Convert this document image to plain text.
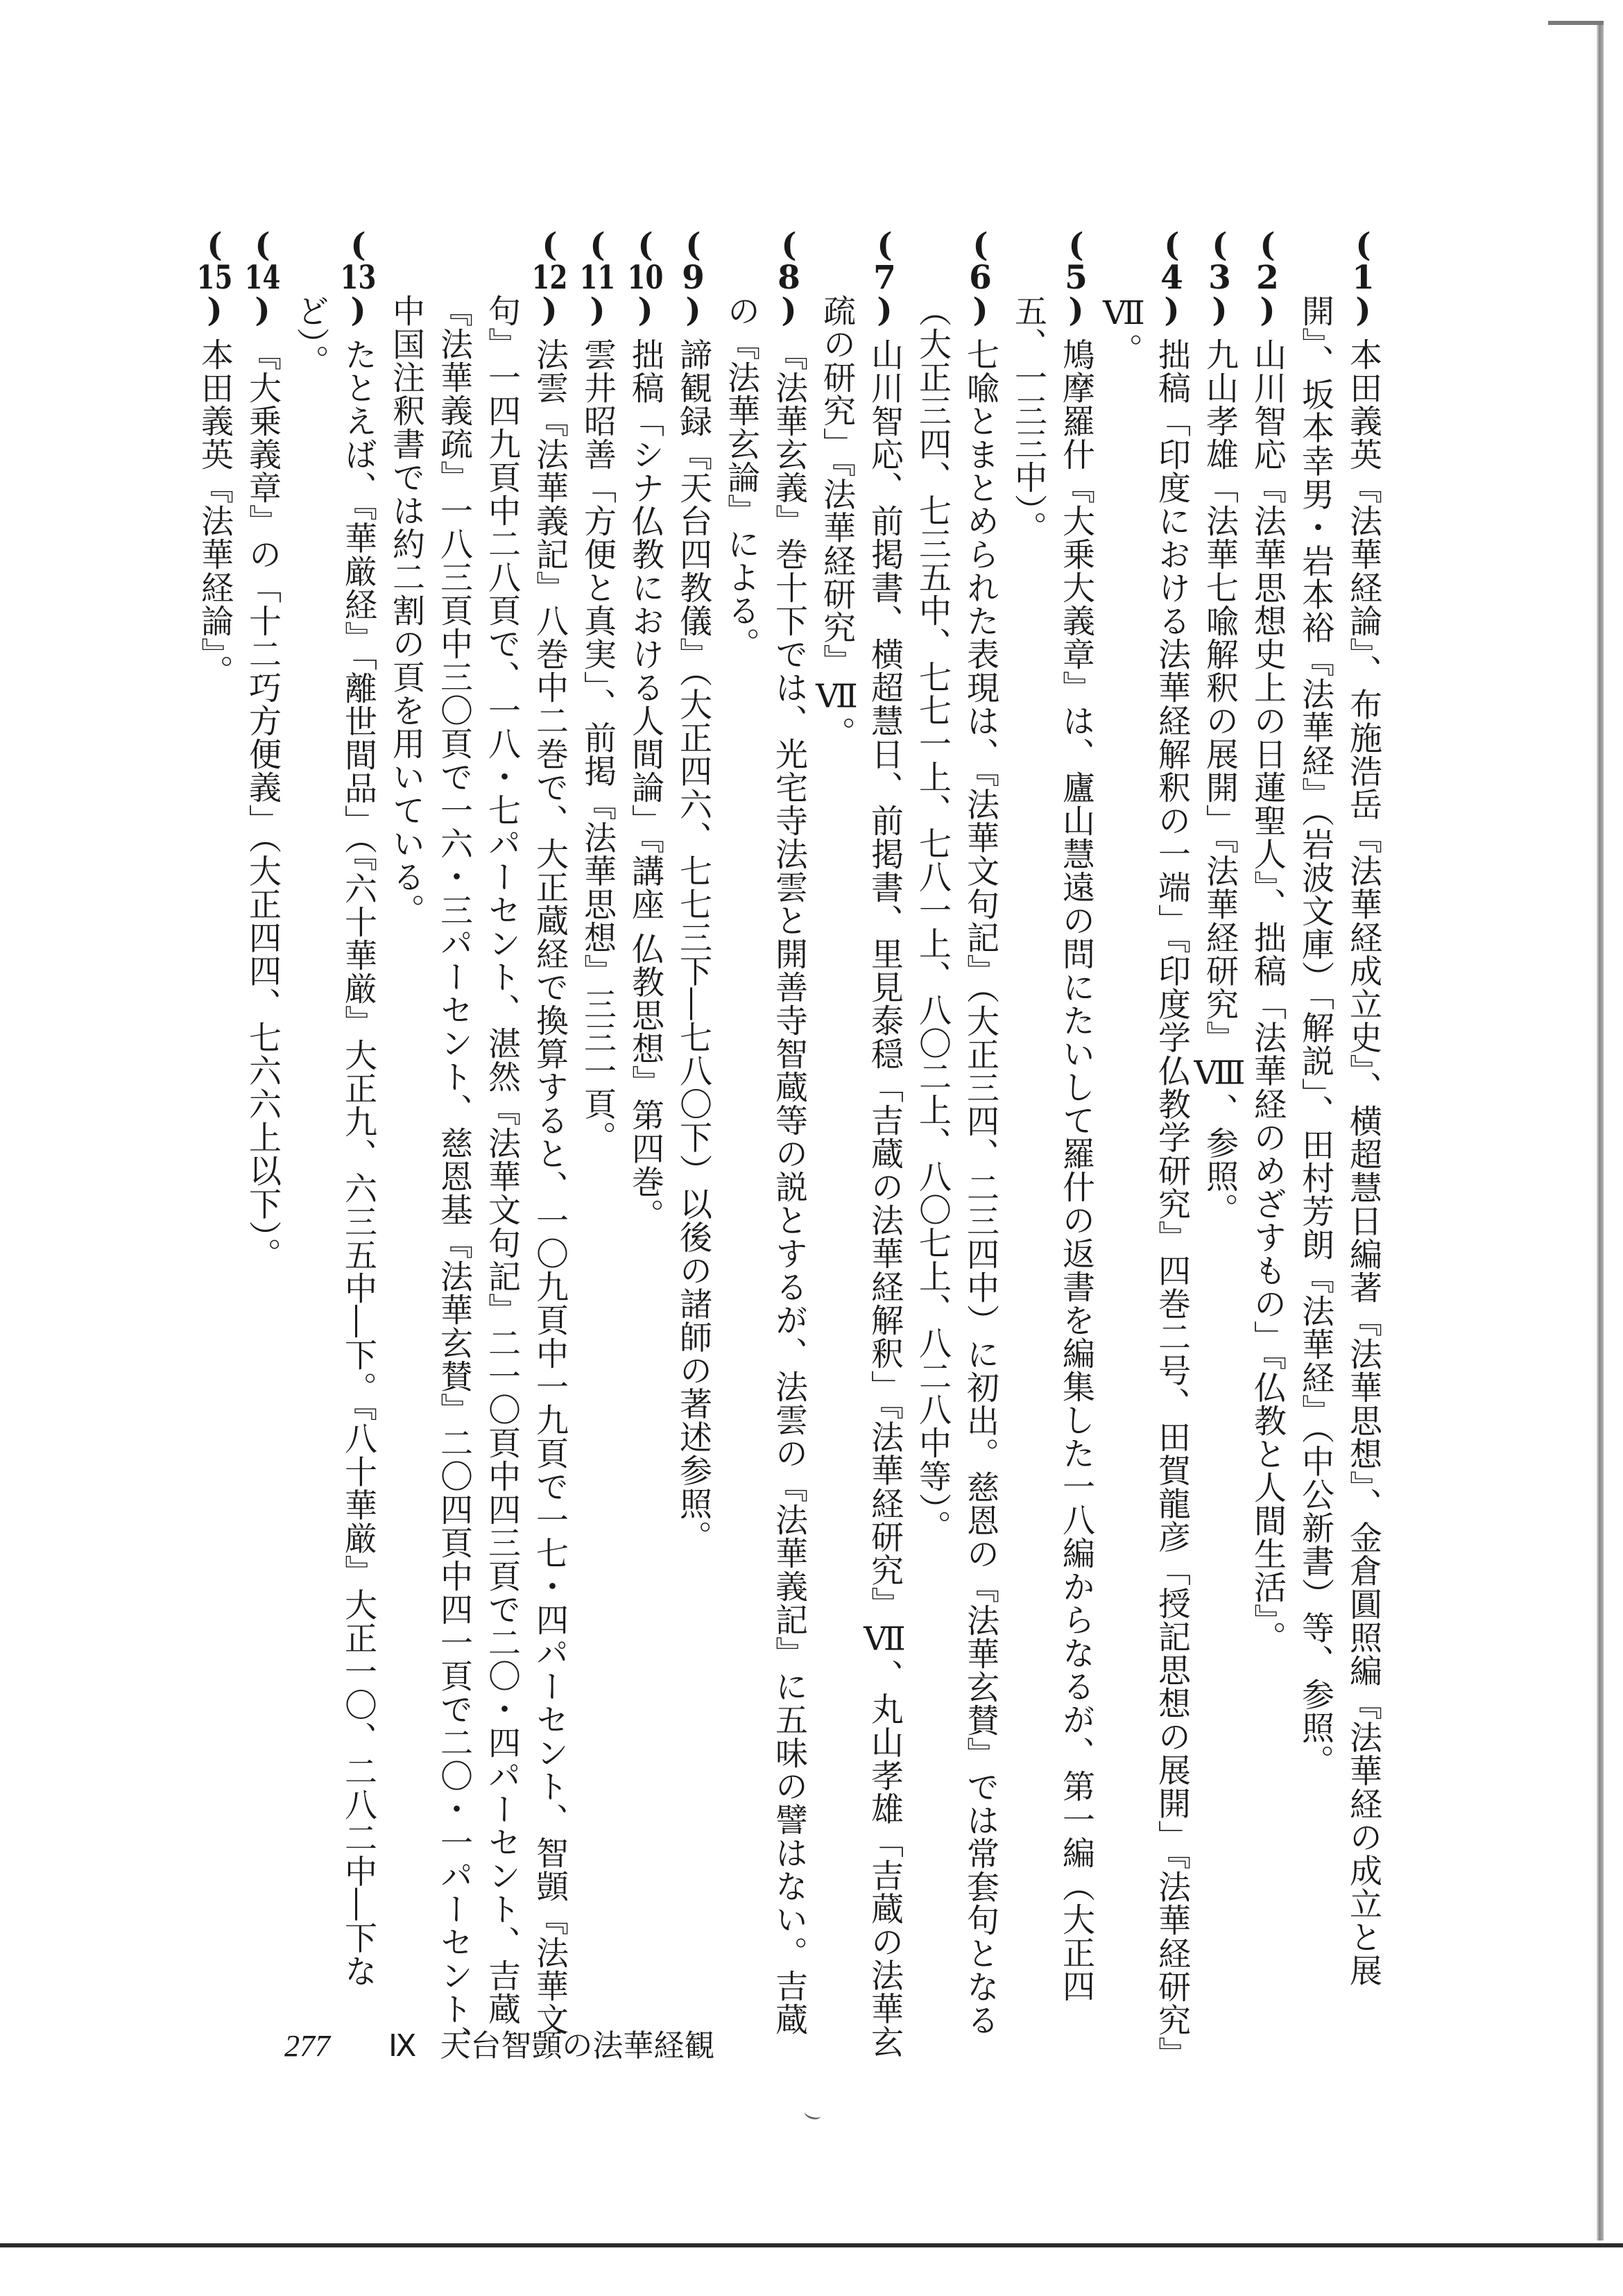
(1) 本田義英『法華経論』、布施浩岳『法華経成立史』、横超慧日編著『法華思想』、金倉圓照編『法華経の成立と展開』、坂本幸男・岩本裕『法華経』（岩波文庫）「解説」、田村芳朗『法華経』（中公新書）等、参照。

(2) 山川智応『法華思想史上の日蓮聖人』、拙稿「法華経のめざすもの」『仏教と人間生活』。

(3) 九山孝雄「法華七喩解釈の展開」『法華経研究』Ⅷ、参照。

(4) 拙稿「印度における法華経解釈の一端」『印度学仏教学研究』四巻二号、田賀龍彦「授記思想の展開」『法華経研究』Ⅶ。

(5) 鳩摩羅什『大乗大義章』は、廬山慧遠の問にたいして羅什の返書を編集した一八編からなるが、第一編（大正四五、一三三中）。

(6) 七喩とまとめられた表現は、『法華文句記』（大正三四、二三四中）に初出。慈恩の『法華玄賛』では常套句となる（大正三四、七三五中、七七一上、七八一上、八〇二上、八〇七上、八二八中等）。

(7) 山川智応、前掲書、横超慧日、前掲書、里見泰穏「吉蔵の法華経解釈」『法華経研究』Ⅶ、丸山孝雄「吉蔵の法華玄疏の研究」『法華経研究』Ⅶ。

(8) 『法華玄義』巻十下では、光宅寺法雲と開善寺智蔵等の説とするが、法雲の『法華義記』に五味の譬はない。吉蔵の『法華玄論』による。

(9) 諦観録『天台四教儀』（大正四六、七七三下―七八〇下）以後の諸師の著述参照。

(10) 拙稿「シナ仏教における人間論」『講座 仏教思想』第四巻。

(11) 雲井昭善「方便と真実」、前掲『法華思想』三三一頁。

(12) 法雲『法華義記』八巻中二巻で、大正蔵経で換算すると、一〇九頁中一九頁で一七・四パーセント、智顗『法華文句』一四九頁中二八頁で、一八・七パーセント、湛然『法華文句記』二一〇頁中四三頁で二〇・四パーセント、吉蔵『法華義疏』一八三頁中三〇頁で一六・三パーセント、慈恩基『法華玄賛』二〇四頁中四一頁で二〇・一パーセント、中国注釈書では約二割の頁を用いている。

(13) たとえば、『華厳経』「離世間品」（『六十華厳』大正九、六三五中―下。『八十華厳』大正一〇、二八二中―下など）。

(14) 『大乗義章』の「十二巧方便義」（大正四四、七六六上以下）。

(15) 本田義英『法華経論』。

277 Ⅸ 天台智顗の法華経観
